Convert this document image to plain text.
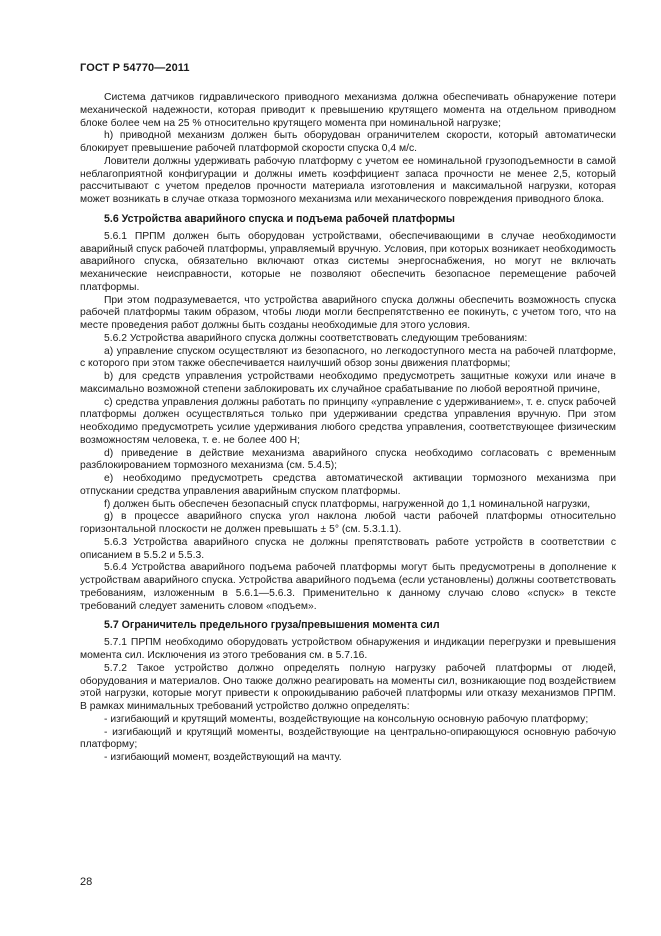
ГОСТ Р 54770—2011

Система датчиков гидравлического приводного механизма должна обеспечивать обнаружение потери механической надежности, которая приводит к превышению крутящего момента на отдельном приводном блоке более чем на 25 % относительно крутящего момента при номинальной нагрузке;

h) приводной механизм должен быть оборудован ограничителем скорости, который автоматически блокирует превышение рабочей платформой скорости спуска 0,4 м/с.

Ловители должны удерживать рабочую платформу с учетом ее номинальной грузоподъемности в самой неблагоприятной конфигурации и должны иметь коэффициент запаса прочности не менее 2,5, который рассчитывают с учетом пределов прочности материала изготовления и максимальной нагрузки, которая может возникать в случае отказа тормозного механизма или механического повреждения приводного блока.

5.6 Устройства аварийного спуска и подъема рабочей платформы

5.6.1 ПРПМ должен быть оборудован устройствами, обеспечивающими в случае необходимости аварийный спуск рабочей платформы, управляемый вручную. Условия, при которых возникает необходимость аварийного спуска, обязательно включают отказ системы энергоснабжения, но могут не включать механические неисправности, которые не позволяют обеспечить безопасное перемещение рабочей платформы.

При этом подразумевается, что устройства аварийного спуска должны обеспечить возможность спуска рабочей платформы таким образом, чтобы люди могли беспрепятственно ее покинуть, с учетом того, что на месте проведения работ должны быть созданы необходимые для этого условия.

5.6.2 Устройства аварийного спуска должны соответствовать следующим требованиям:

a) управление спуском осуществляют из безопасного, но легкодоступного места на рабочей платформе, с которого при этом также обеспечивается наилучший обзор зоны движения платформы;

b) для средств управления устройствами необходимо предусмотреть защитные кожухи или иначе в максимально возможной степени заблокировать их случайное срабатывание по любой вероятной причине,

c) средства управления должны работать по принципу «управление с удерживанием», т. е. спуск рабочей платформы должен осуществляться только при удерживании средства управления вручную. При этом необходимо предусмотреть усилие удерживания любого средства управления, соответствующее физическим возможностям человека, т. е. не более 400 Н;

d) приведение в действие механизма аварийного спуска необходимо согласовать с временным разблокированием тормозного механизма (см. 5.4.5);

e) необходимо предусмотреть средства автоматической активации тормозного механизма при отпускании средства управления аварийным спуском платформы.

f) должен быть обеспечен безопасный спуск платформы, нагруженной до 1,1 номинальной нагрузки,

g) в процессе аварийного спуска угол наклона любой части рабочей платформы относительно горизонтальной плоскости не должен превышать ± 5° (см. 5.3.1.1).

5.6.3 Устройства аварийного спуска не должны препятствовать работе устройств в соответствии с описанием в 5.5.2 и 5.5.3.

5.6.4 Устройства аварийного подъема рабочей платформы могут быть предусмотрены в дополнение к устройствам аварийного спуска. Устройства аварийного подъема (если установлены) должны соответствовать требованиям, изложенным в 5.6.1—5.6.3. Применительно к данному случаю слово «спуск» в тексте требований следует заменить словом «подъем».

5.7 Ограничитель предельного груза/превышения момента сил

5.7.1 ПРПМ необходимо оборудовать устройством обнаружения и индикации перегрузки и превышения момента сил. Исключения из этого требования см. в 5.7.16.

5.7.2 Такое устройство должно определять полную нагрузку рабочей платформы от людей, оборудования и материалов. Оно также должно реагировать на моменты сил, возникающие под воздействием этой нагрузки, которые могут привести к опрокидыванию рабочей платформы или отказу механизмов ПРПМ. В рамках минимальных требований устройство должно определять:

- изгибающий и крутящий моменты, воздействующие на консольную основную рабочую платформу;

- изгибающий и крутящий моменты, воздействующие на центрально-опирающуюся основную рабочую платформу;

- изгибающий момент, воздействующий на мачту.

28
